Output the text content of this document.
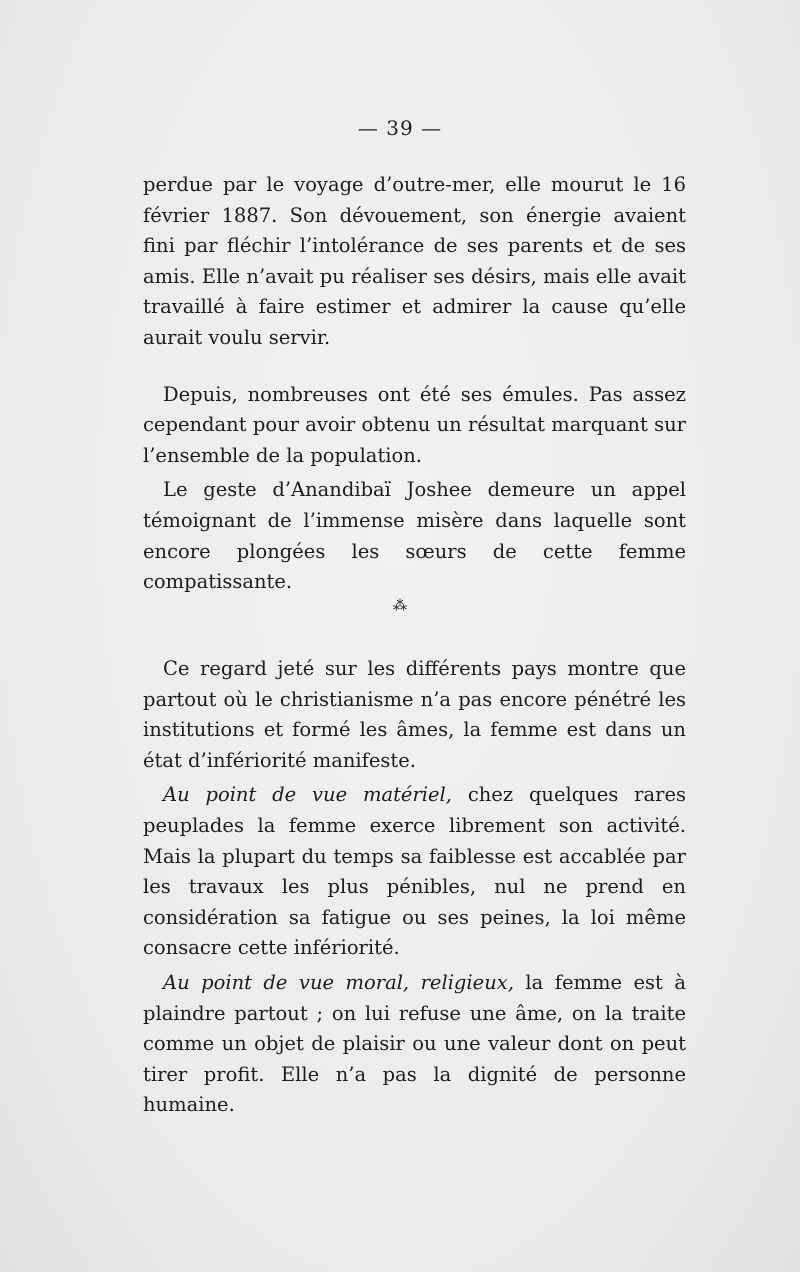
— 39 —

perdue par le voyage d’outre-mer, elle mourut le 16 février 1887. Son dévouement, son énergie avaient fini par fléchir l’intolérance de ses parents et de ses amis. Elle n’avait pu réaliser ses désirs, mais elle avait travaillé à faire estimer et admirer la cause qu’elle aurait voulu servir.

Depuis, nombreuses ont été ses émules. Pas assez cependant pour avoir obtenu un résultat marquant sur l’ensemble de la population.

Le geste d’Anandibaï Joshee demeure un appel témoignant de l’immense misère dans laquelle sont encore plongées les sœurs de cette femme compatissante.

⁂

Ce regard jeté sur les différents pays montre que partout où le christianisme n’a pas encore pénétré les institutions et formé les âmes, la femme est dans un état d’infériorité manifeste.

Au point de vue matériel, chez quelques rares peuplades la femme exerce librement son activité. Mais la plupart du temps sa faiblesse est accablée par les travaux les plus pénibles, nul ne prend en considération sa fatigue ou ses peines, la loi même consacre cette infériorité.

Au point de vue moral, religieux, la femme est à plaindre partout ; on lui refuse une âme, on la traite comme un objet de plaisir ou une valeur dont on peut tirer profit. Elle n’a pas la dignité de personne humaine.
